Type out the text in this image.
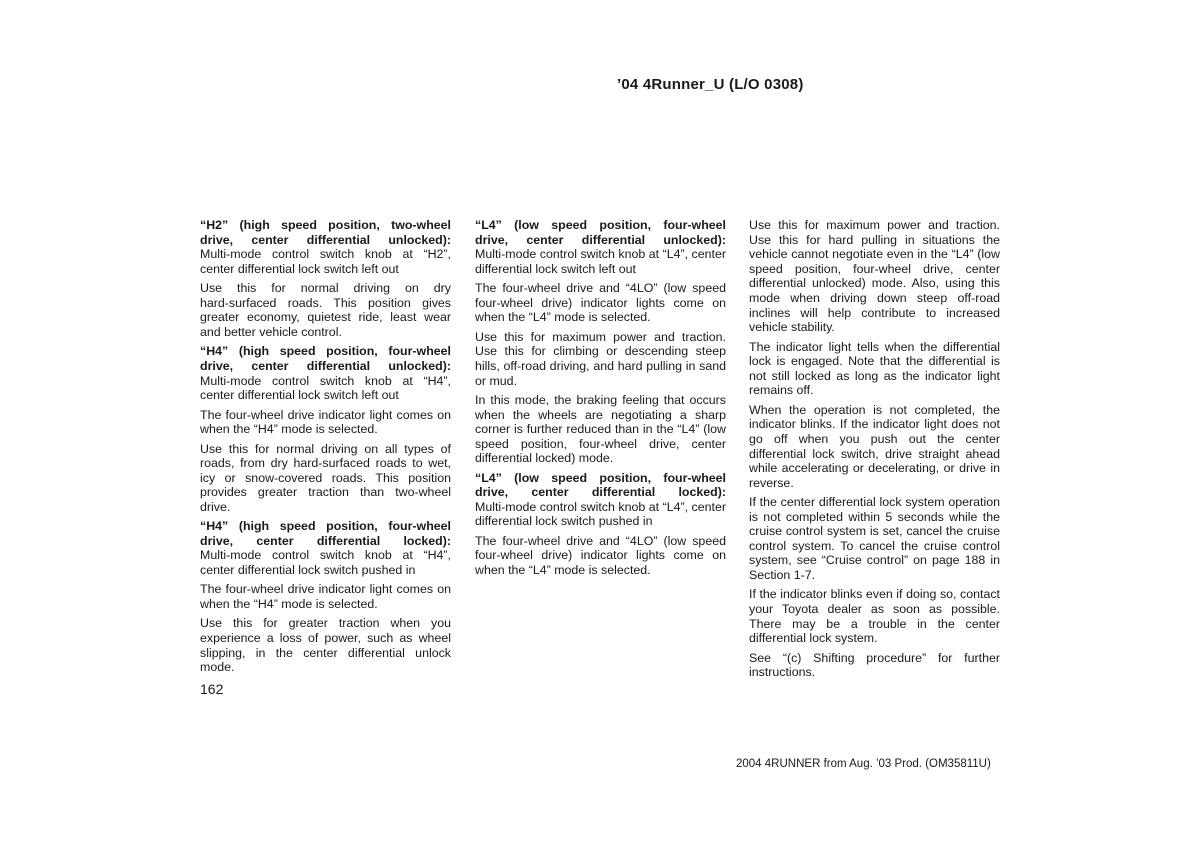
’04 4Runner_U (L/O 0308)

“H2” (high speed position, two‑wheel drive, center differential unlocked): Multi‑mode control switch knob at “H2”, center differential lock switch left out

Use this for normal driving on dry hard‑surfaced roads. This position gives greater economy, quietest ride, least wear and better vehicle control.

“H4” (high speed position, four‑wheel drive, center differential unlocked): Multi‑mode control switch knob at “H4”, center differential lock switch left out

The four‑wheel drive indicator light comes on when the “H4” mode is selected.

Use this for normal driving on all types of roads, from dry hard‑surfaced roads to wet, icy or snow‑covered roads. This position provides greater traction than two‑wheel drive.

“H4” (high speed position, four‑wheel drive, center differential locked): Multi‑mode control switch knob at “H4”, center differential lock switch pushed in

The four‑wheel drive indicator light comes on when the “H4” mode is selected.

Use this for greater traction when you experience a loss of power, such as wheel slipping, in the center differential unlock mode.

“L4” (low speed position, four‑wheel drive, center differential unlocked): Multi‑mode control switch knob at “L4”, center differential lock switch left out

The four‑wheel drive and “4LO” (low speed four‑wheel drive) indicator lights come on when the “L4” mode is selected.

Use this for maximum power and traction. Use this for climbing or descending steep hills, off‑road driving, and hard pulling in sand or mud.

In this mode, the braking feeling that occurs when the wheels are negotiating a sharp corner is further reduced than in the “L4” (low speed position, four‑wheel drive, center differential locked) mode.

“L4” (low speed position, four‑wheel drive, center differential locked): Multi‑mode control switch knob at “L4”, center differential lock switch pushed in

The four‑wheel drive and “4LO” (low speed four‑wheel drive) indicator lights come on when the “L4” mode is selected.

Use this for maximum power and traction. Use this for hard pulling in situations the vehicle cannot negotiate even in the “L4” (low speed position, four‑wheel drive, center differential unlocked) mode. Also, using this mode when driving down steep off‑road inclines will help contribute to increased vehicle stability.

The indicator light tells when the differential lock is engaged. Note that the differential is not still locked as long as the indicator light remains off.

When the operation is not completed, the indicator blinks. If the indicator light does not go off when you push out the center differential lock switch, drive straight ahead while accelerating or decelerating, or drive in reverse.

If the center differential lock system operation is not completed within 5 seconds while the cruise control system is set, cancel the cruise control system. To cancel the cruise control system, see “Cruise control” on page 188 in Section 1‑7.

If the indicator blinks even if doing so, contact your Toyota dealer as soon as possible. There may be a trouble in the center differential lock system.

See “(c) Shifting procedure” for further instructions.

162
2004 4RUNNER from Aug. ’03 Prod. (OM35811U)
